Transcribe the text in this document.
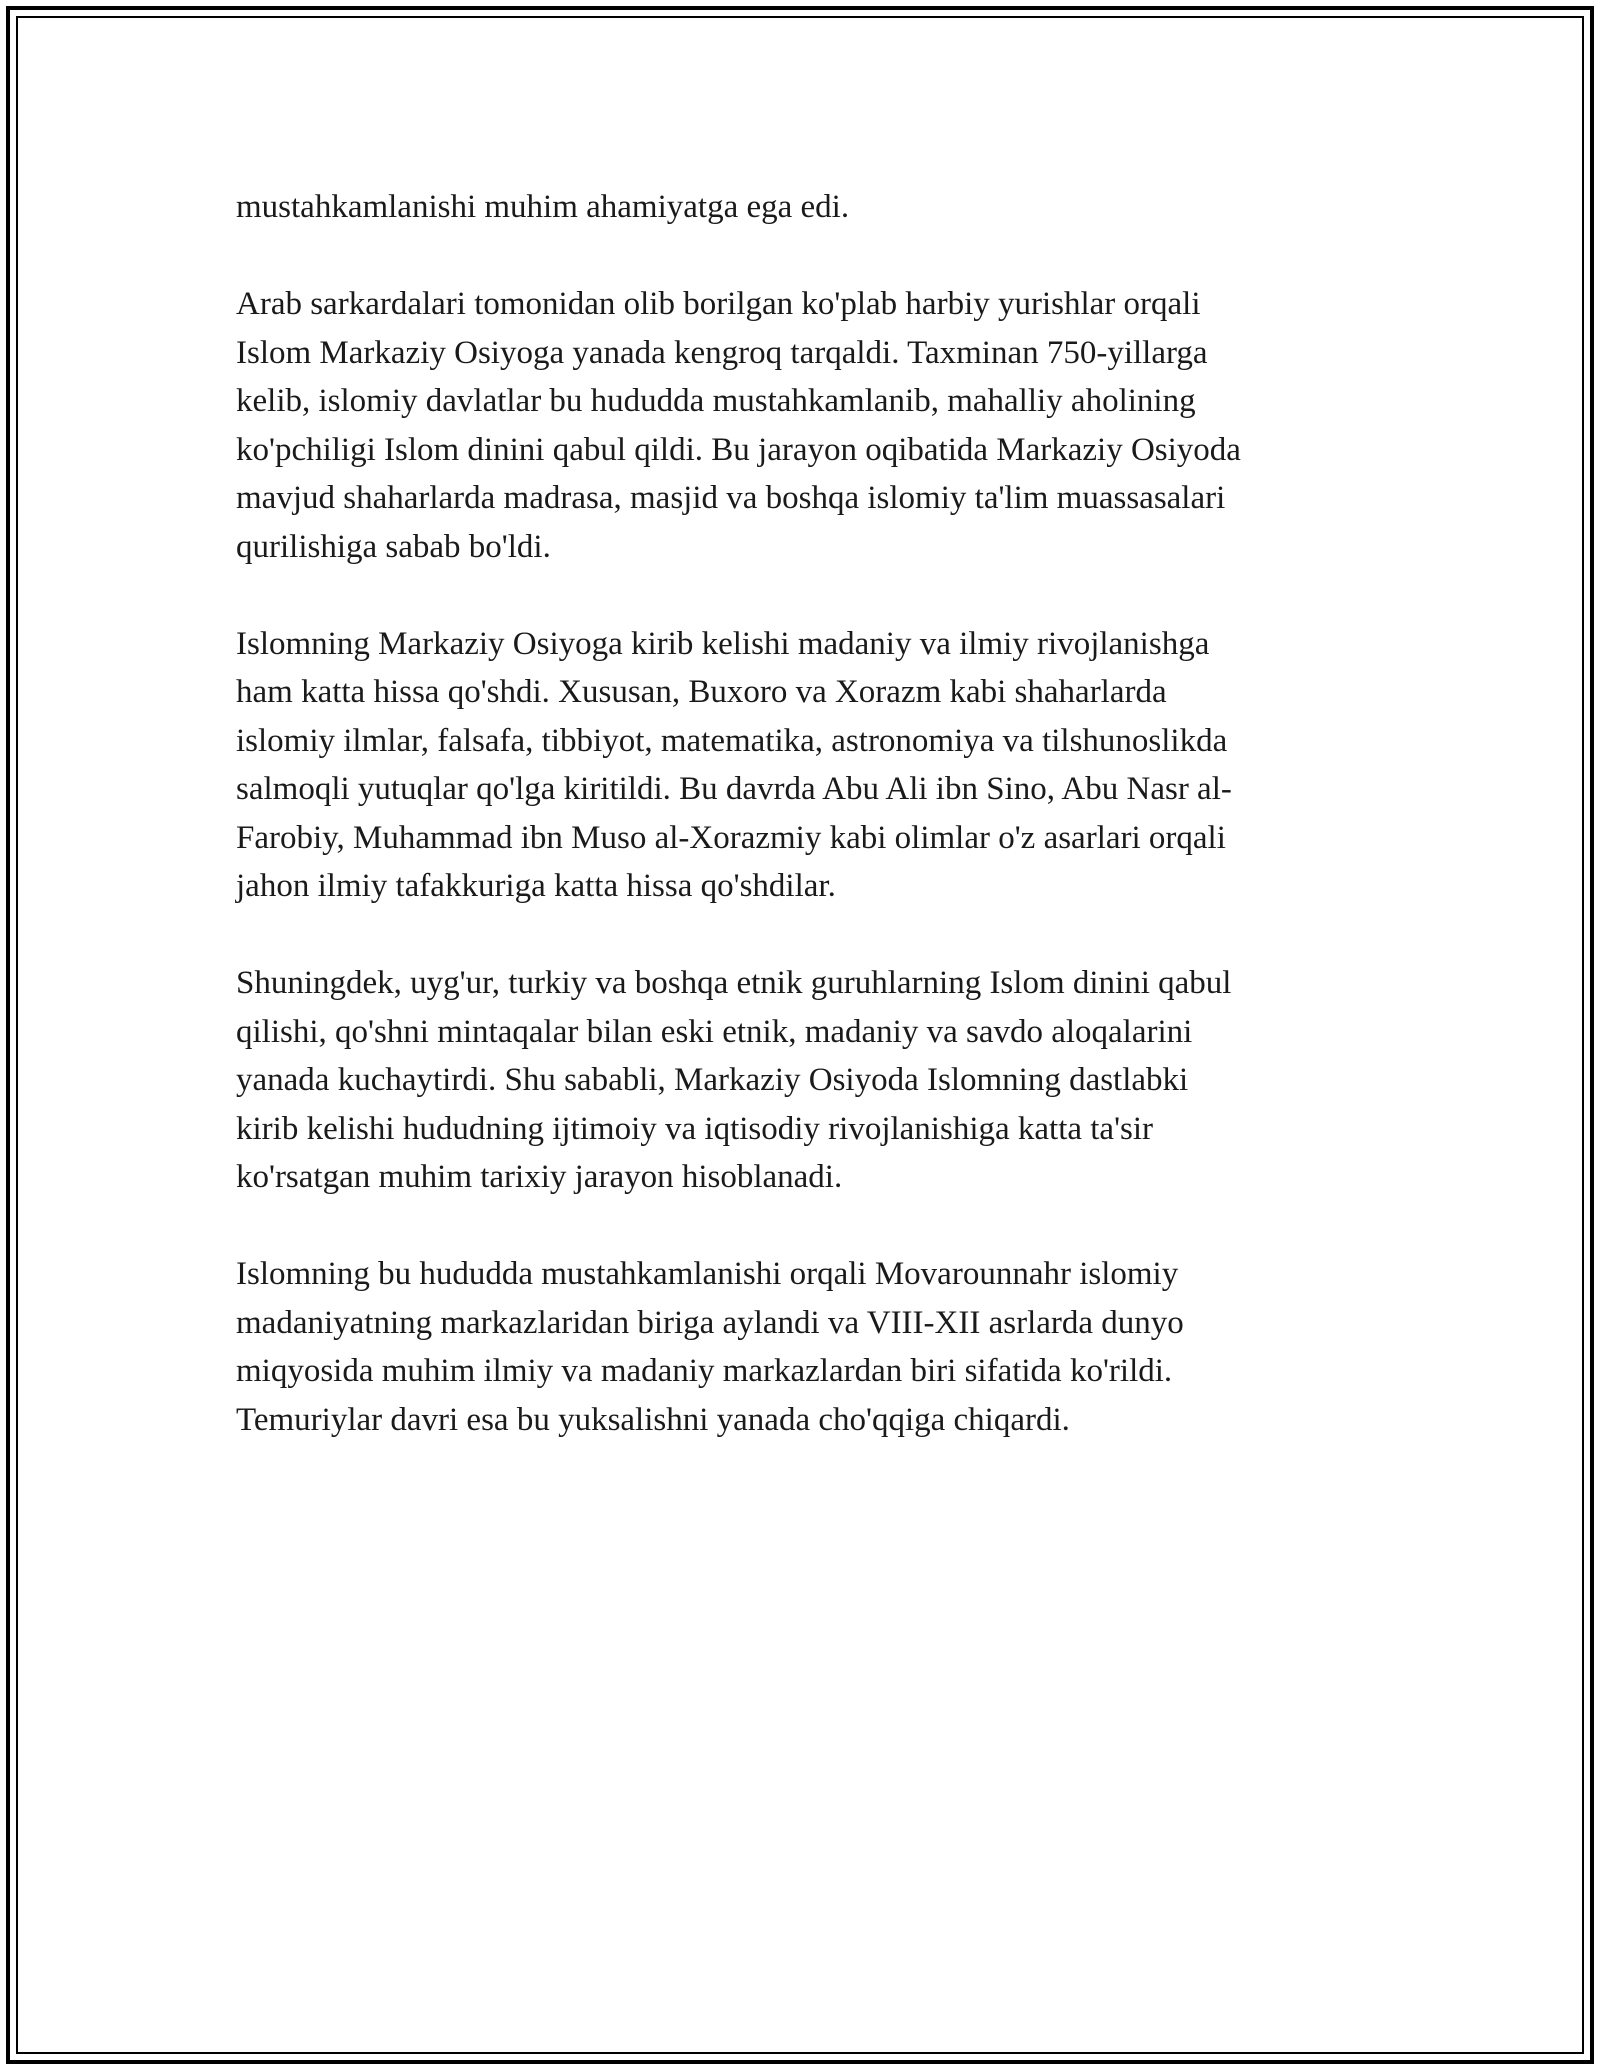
mustahkamlanishi muhim ahamiyatga ega edi.

Arab sarkardalari tomonidan olib borilgan ko'plab harbiy yurishlar orqali
Islom Markaziy Osiyoga yanada kengroq tarqaldi. Taxminan 750-yillarga
kelib, islomiy davlatlar bu hududda mustahkamlanib, mahalliy aholining
ko'pchiligi Islom dinini qabul qildi. Bu jarayon oqibatida Markaziy Osiyoda
mavjud shaharlarda madrasa, masjid va boshqa islomiy ta'lim muassasalari
qurilishiga sabab bo'ldi.

Islomning Markaziy Osiyoga kirib kelishi madaniy va ilmiy rivojlanishga
ham katta hissa qo'shdi. Xususan, Buxoro va Xorazm kabi shaharlarda
islomiy ilmlar, falsafa, tibbiyot, matematika, astronomiya va tilshunoslikda
salmoqli yutuqlar qo'lga kiritildi. Bu davrda Abu Ali ibn Sino, Abu Nasr al-
Farobiy, Muhammad ibn Muso al-Xorazmiy kabi olimlar o'z asarlari orqali
jahon ilmiy tafakkuriga katta hissa qo'shdilar.

Shuningdek, uyg'ur, turkiy va boshqa etnik guruhlarning Islom dinini qabul
qilishi, qo'shni mintaqalar bilan eski etnik, madaniy va savdo aloqalarini
yanada kuchaytirdi. Shu sababli, Markaziy Osiyoda Islomning dastlabki
kirib kelishi hududning ijtimoiy va iqtisodiy rivojlanishiga katta ta'sir
ko'rsatgan muhim tarixiy jarayon hisoblanadi.

Islomning bu hududda mustahkamlanishi orqali Movarounnahr islomiy
madaniyatning markazlaridan biriga aylandi va VIII-XII asrlarda dunyo
miqyosida muhim ilmiy va madaniy markazlardan biri sifatida ko'rildi.
Temuriylar davri esa bu yuksalishni yanada cho'qqiga chiqardi.
